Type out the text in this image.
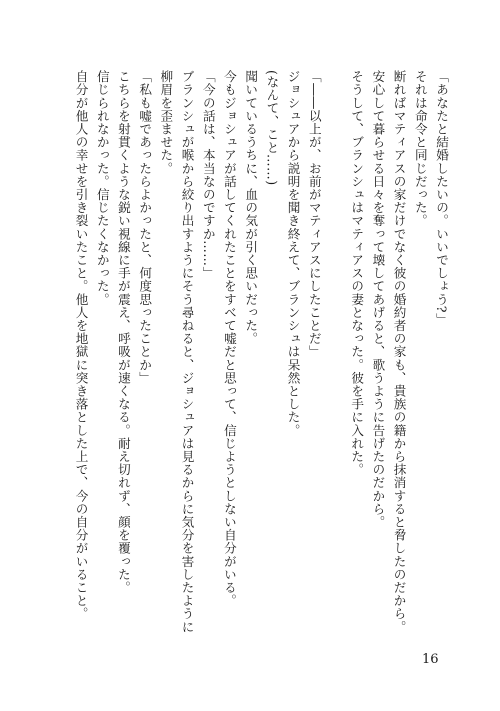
「あなたと結婚したいの。いいでしょう?」
それは命令と同じだった。
断ればマティアスの家だけでなく彼の婚約者の家も、貴族の籍から抹消すると脅したのだから。
安心して暮らせる日々を奪って壊してあげると、歌うように告げたのだから。
そうして、ブランシュはマティアスの妻となった。彼を手に入れた。
「――以上が、お前がマティアスにしたことだ」
ジョシュアから説明を聞き終えて、ブランシュは呆然とした。
(なんて、こと……)
聞いているうちに、血の気が引く思いだった。
今もジョシュアが話してくれたことをすべて嘘だと思って、信じようとしない自分がいる。
「今の話は、本当なのですか……」
ブランシュが喉から絞り出すようにそう尋ねると、ジョシュアは見るからに気分を害したように
柳眉を歪ませた。
「私も嘘であったらよかったと、何度思ったことか」
こちらを射貫くような鋭い視線に手が震え、呼吸が速くなる。耐え切れず、顔を覆った。
信じられなかった。信じたくなかった。
自分が他人の幸せを引き裂いたこと。他人を地獄に突き落とした上で、今の自分がいること。
16
